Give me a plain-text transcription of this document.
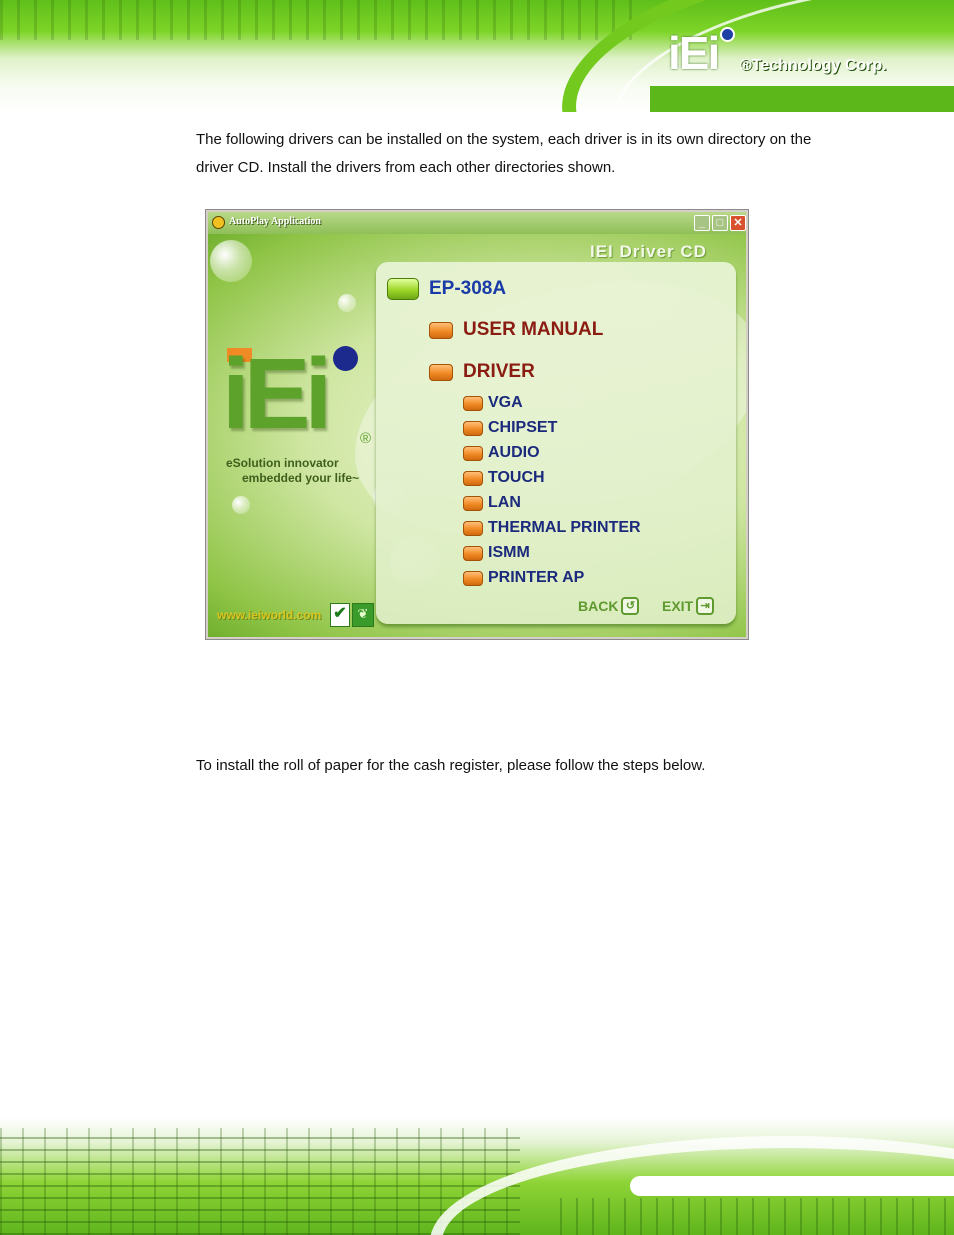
iEi ®Technology Corp.
The following drivers can be installed on the system, each driver is in its own directory on the driver CD. Install the drivers from each other directories shown.
AutoPlay Application	_	□ ✕
IEI Driver CD
iEi ®
eSolution innovator
embedded your life~
www.ieiworld.com ✔ ❦
EP-308A
USER MANUAL
DRIVER
VGA
CHIPSET
AUDIO
TOUCH
LAN
THERMAL PRINTER
ISMM
PRINTER AP
BACK ↺	EXIT ⇥
To install the roll of paper for the cash register, please follow the steps below.
